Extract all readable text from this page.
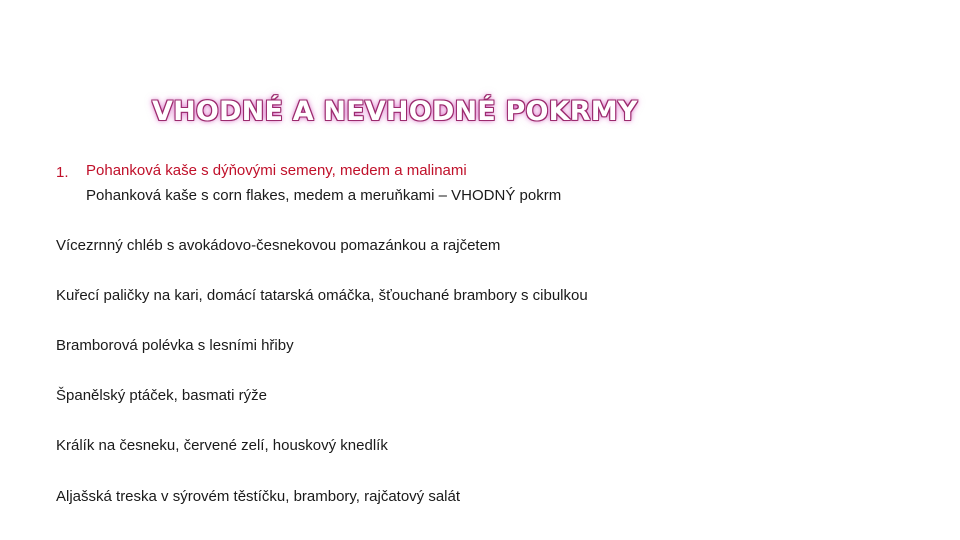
VHODNÉ A NEVHODNÉ POKRMY
1.	Pohanková kaše s dýňovými semeny, medem a malinami
Pohanková kaše s corn flakes, medem a meruňkami – VHODNÝ pokrm
Vícezrnný chléb s avokádovo-česnekovou pomazánkou a rajčetem
Kuřecí paličky na kari, domácí tatarská omáčka, šťouchané brambory s cibulkou
Bramborová polévka s lesními hřiby
Španělský ptáček, basmati rýže
Králík na česneku, červené zelí, houskový knedlík
Aljašská treska v sýrovém těstíčku, brambory, rajčatový salát
